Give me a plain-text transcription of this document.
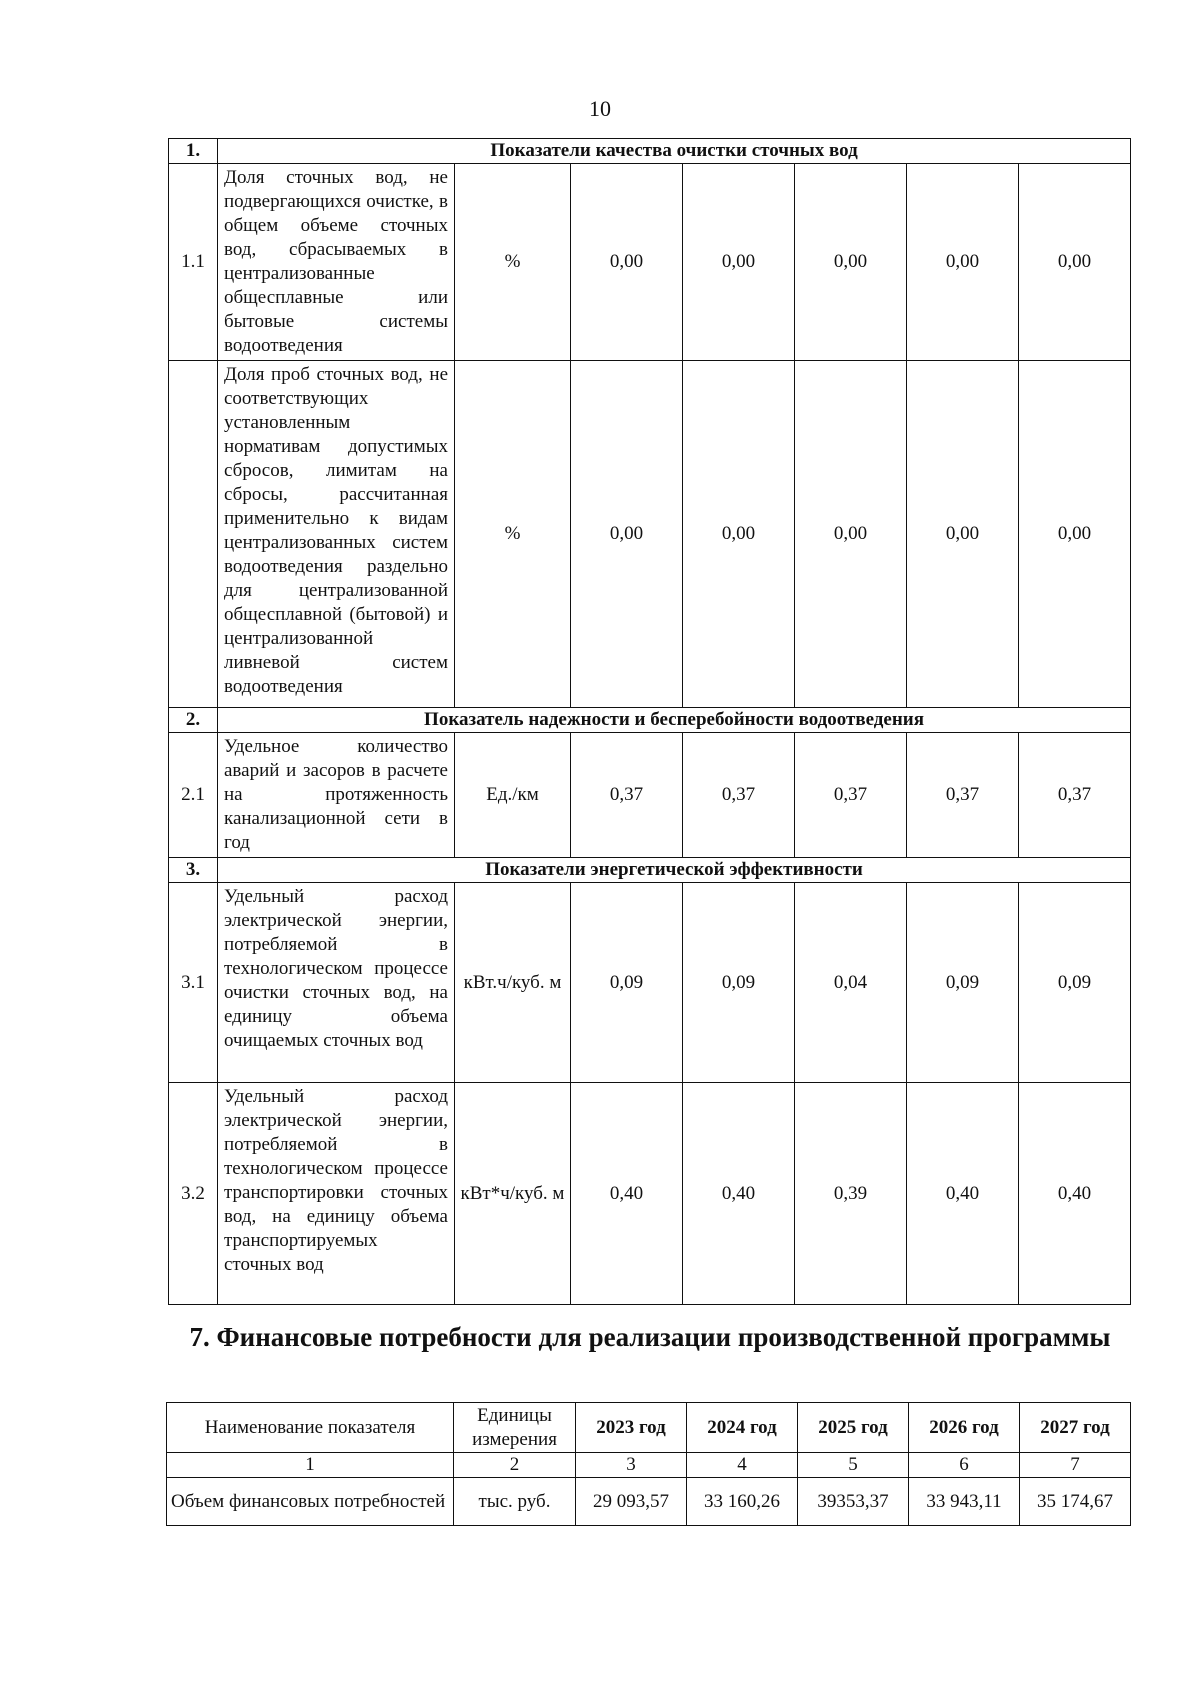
10
1.	Показатели качества очистки сточных вод						
1.1	Доля сточных вод, не подвергающихся очистке, в общем объеме сточных вод, сбрасываемых в централизованные общесплавные или бытовые системы водоотведения	%	0,00	0,00	0,00	0,00	0,00
	Доля проб сточных вод, не соответствующих установленным нормативам допустимых сбросов, лимитам на сбросы, рассчитанная применительно к видам централизованных систем водоотведения раздельно для централизованной общесплавной (бытовой) и централизованной ливневой систем водоотведения	%	0,00	0,00	0,00	0,00	0,00
2.	Показатель надежности и бесперебойности водоотведения						
2.1	Удельное количество аварий и засоров в расчете на протяженность канализационной сети в год	Ед./км	0,37	0,37	0,37	0,37	0,37
3.	Показатели энергетической эффективности						
3.1	Удельный расход электрической энергии, потребляемой в технологическом процессе очистки сточных вод, на единицу объема очищаемых сточных вод	кВт.ч/куб. м	0,09	0,09	0,04	0,09	0,09
3.2	Удельный расход электрической энергии, потребляемой в технологическом процессе транспортировки сточных вод, на единицу объема транспортируемых сточных вод	кВт*ч/куб. м	0,40	0,40	0,39	0,40	0,40
7. Финансовые потребности для реализации производственной программы
Наименование показателя	Единицы измерения	2023 год	2024 год	2025 год	2026 год	2027 год
1	2	3	4	5	6	7
Объем финансовых потребностей	тыс. руб.	29 093,57	33 160,26	39353,37	33 943,11	35 174,67
